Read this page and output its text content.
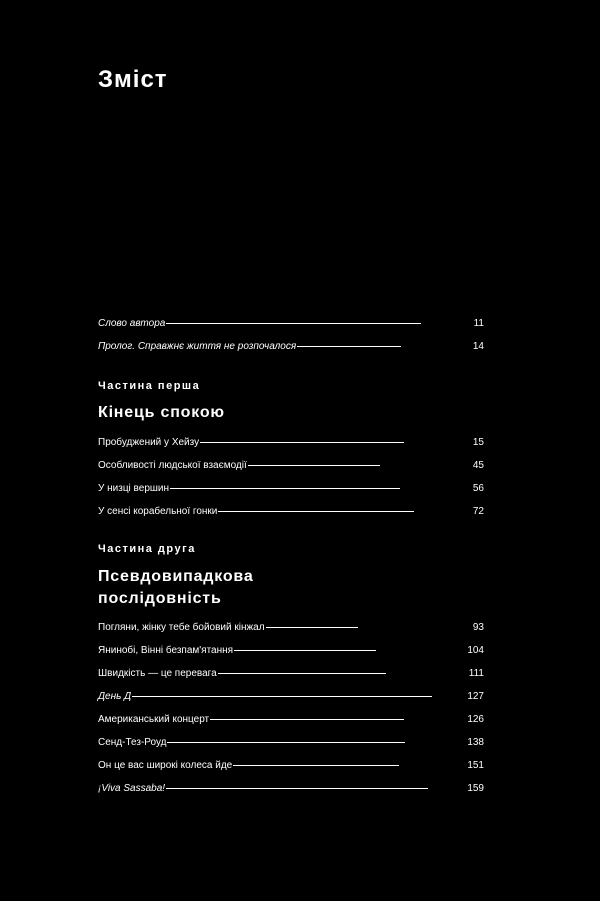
Зміст
Слово автора	11
Пролог. Справжнє життя не розпочалося	14

Частина перша

Кінець спокою

Пробуджений у Хейзу	15
Особливості людської взаємодії	45
У низці вершин	56
У сенсі корабельної гонки	72

Частина друга

Псевдовипадкова

послідовність

Погляни, жінку тебе бойовий кінжал	93
Янинобі, Вінні безпам'ятання	104
Швидкість — це перевага	111
День Д	127
Американський концерт	126
Сенд-Тез-Роуд	138
Он це вас широкі колеса йде	151
¡Viva Sassaba!	159
